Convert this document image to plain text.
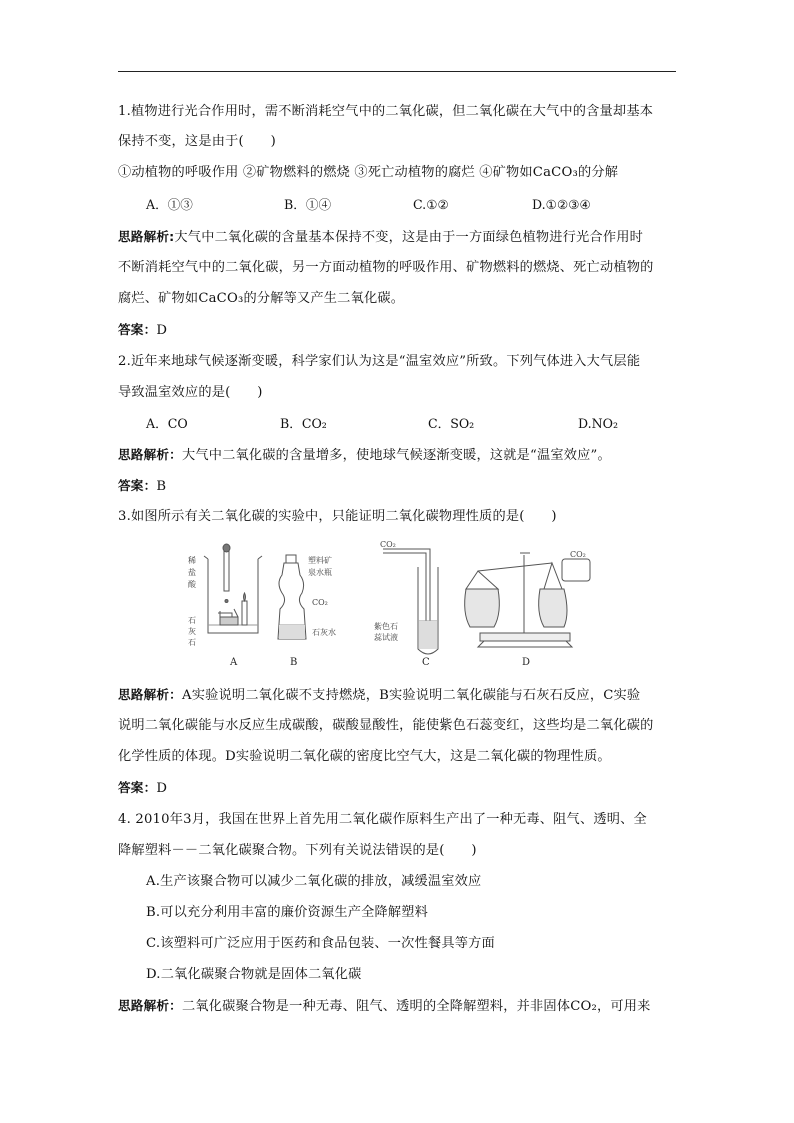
1.植物进行光合作用时，需不断消耗空气中的二氧化碳，但二氧化碳在大气中的含量却基本
保持不变，这是由于(　　)
①动植物的呼吸作用 ②矿物燃料的燃烧 ③死亡动植物的腐烂 ④矿物如CaCO₃的分解
A．①③	B．①④	C.①②	D.①②③④
思路解析:大气中二氧化碳的含量基本保持不变，这是由于一方面绿色植物进行光合作用时
不断消耗空气中的二氧化碳，另一方面动植物的呼吸作用、矿物燃料的燃烧、死亡动植物的
腐烂、矿物如CaCO₃的分解等又产生二氧化碳。
答案：D
2.近年来地球气候逐渐变暖，科学家们认为这是“温室效应”所致。下列气体进入大气层能
导致温室效应的是(　　)
A．CO	B．CO₂	C．SO₂	D.NO₂
思路解析：大气中二氧化碳的含量增多，使地球气候逐渐变暖，这就是“温室效应”。
答案：B
3.如图所示有关二氧化碳的实验中，只能证明二氧化碳物理性质的是(　　)
稀
盐
酸
石
灰
石
塑料矿
泉水瓶
CO₂
石灰水
CO₂
紫色石
蕊试液
CO₂
A	B	C	D
思路解析：A实验说明二氧化碳不支持燃烧，B实验说明二氧化碳能与石灰石反应，C实验
说明二氧化碳能与水反应生成碳酸，碳酸显酸性，能使紫色石蕊变红，这些均是二氧化碳的
化学性质的体现。D实验说明二氧化碳的密度比空气大，这是二氧化碳的物理性质。
答案：D
4. 2010年3月，我国在世界上首先用二氧化碳作原料生产出了一种无毒、阻气、透明、全
降解塑料－－二氧化碳聚合物。下列有关说法错误的是(　　)
A.生产该聚合物可以减少二氧化碳的排放，减缓温室效应
B.可以充分利用丰富的廉价资源生产全降解塑料
C.该塑料可广泛应用于医药和食品包装、一次性餐具等方面
D.二氧化碳聚合物就是固体二氧化碳
思路解析：二氧化碳聚合物是一种无毒、阻气、透明的全降解塑料，并非固体CO₂，可用来
